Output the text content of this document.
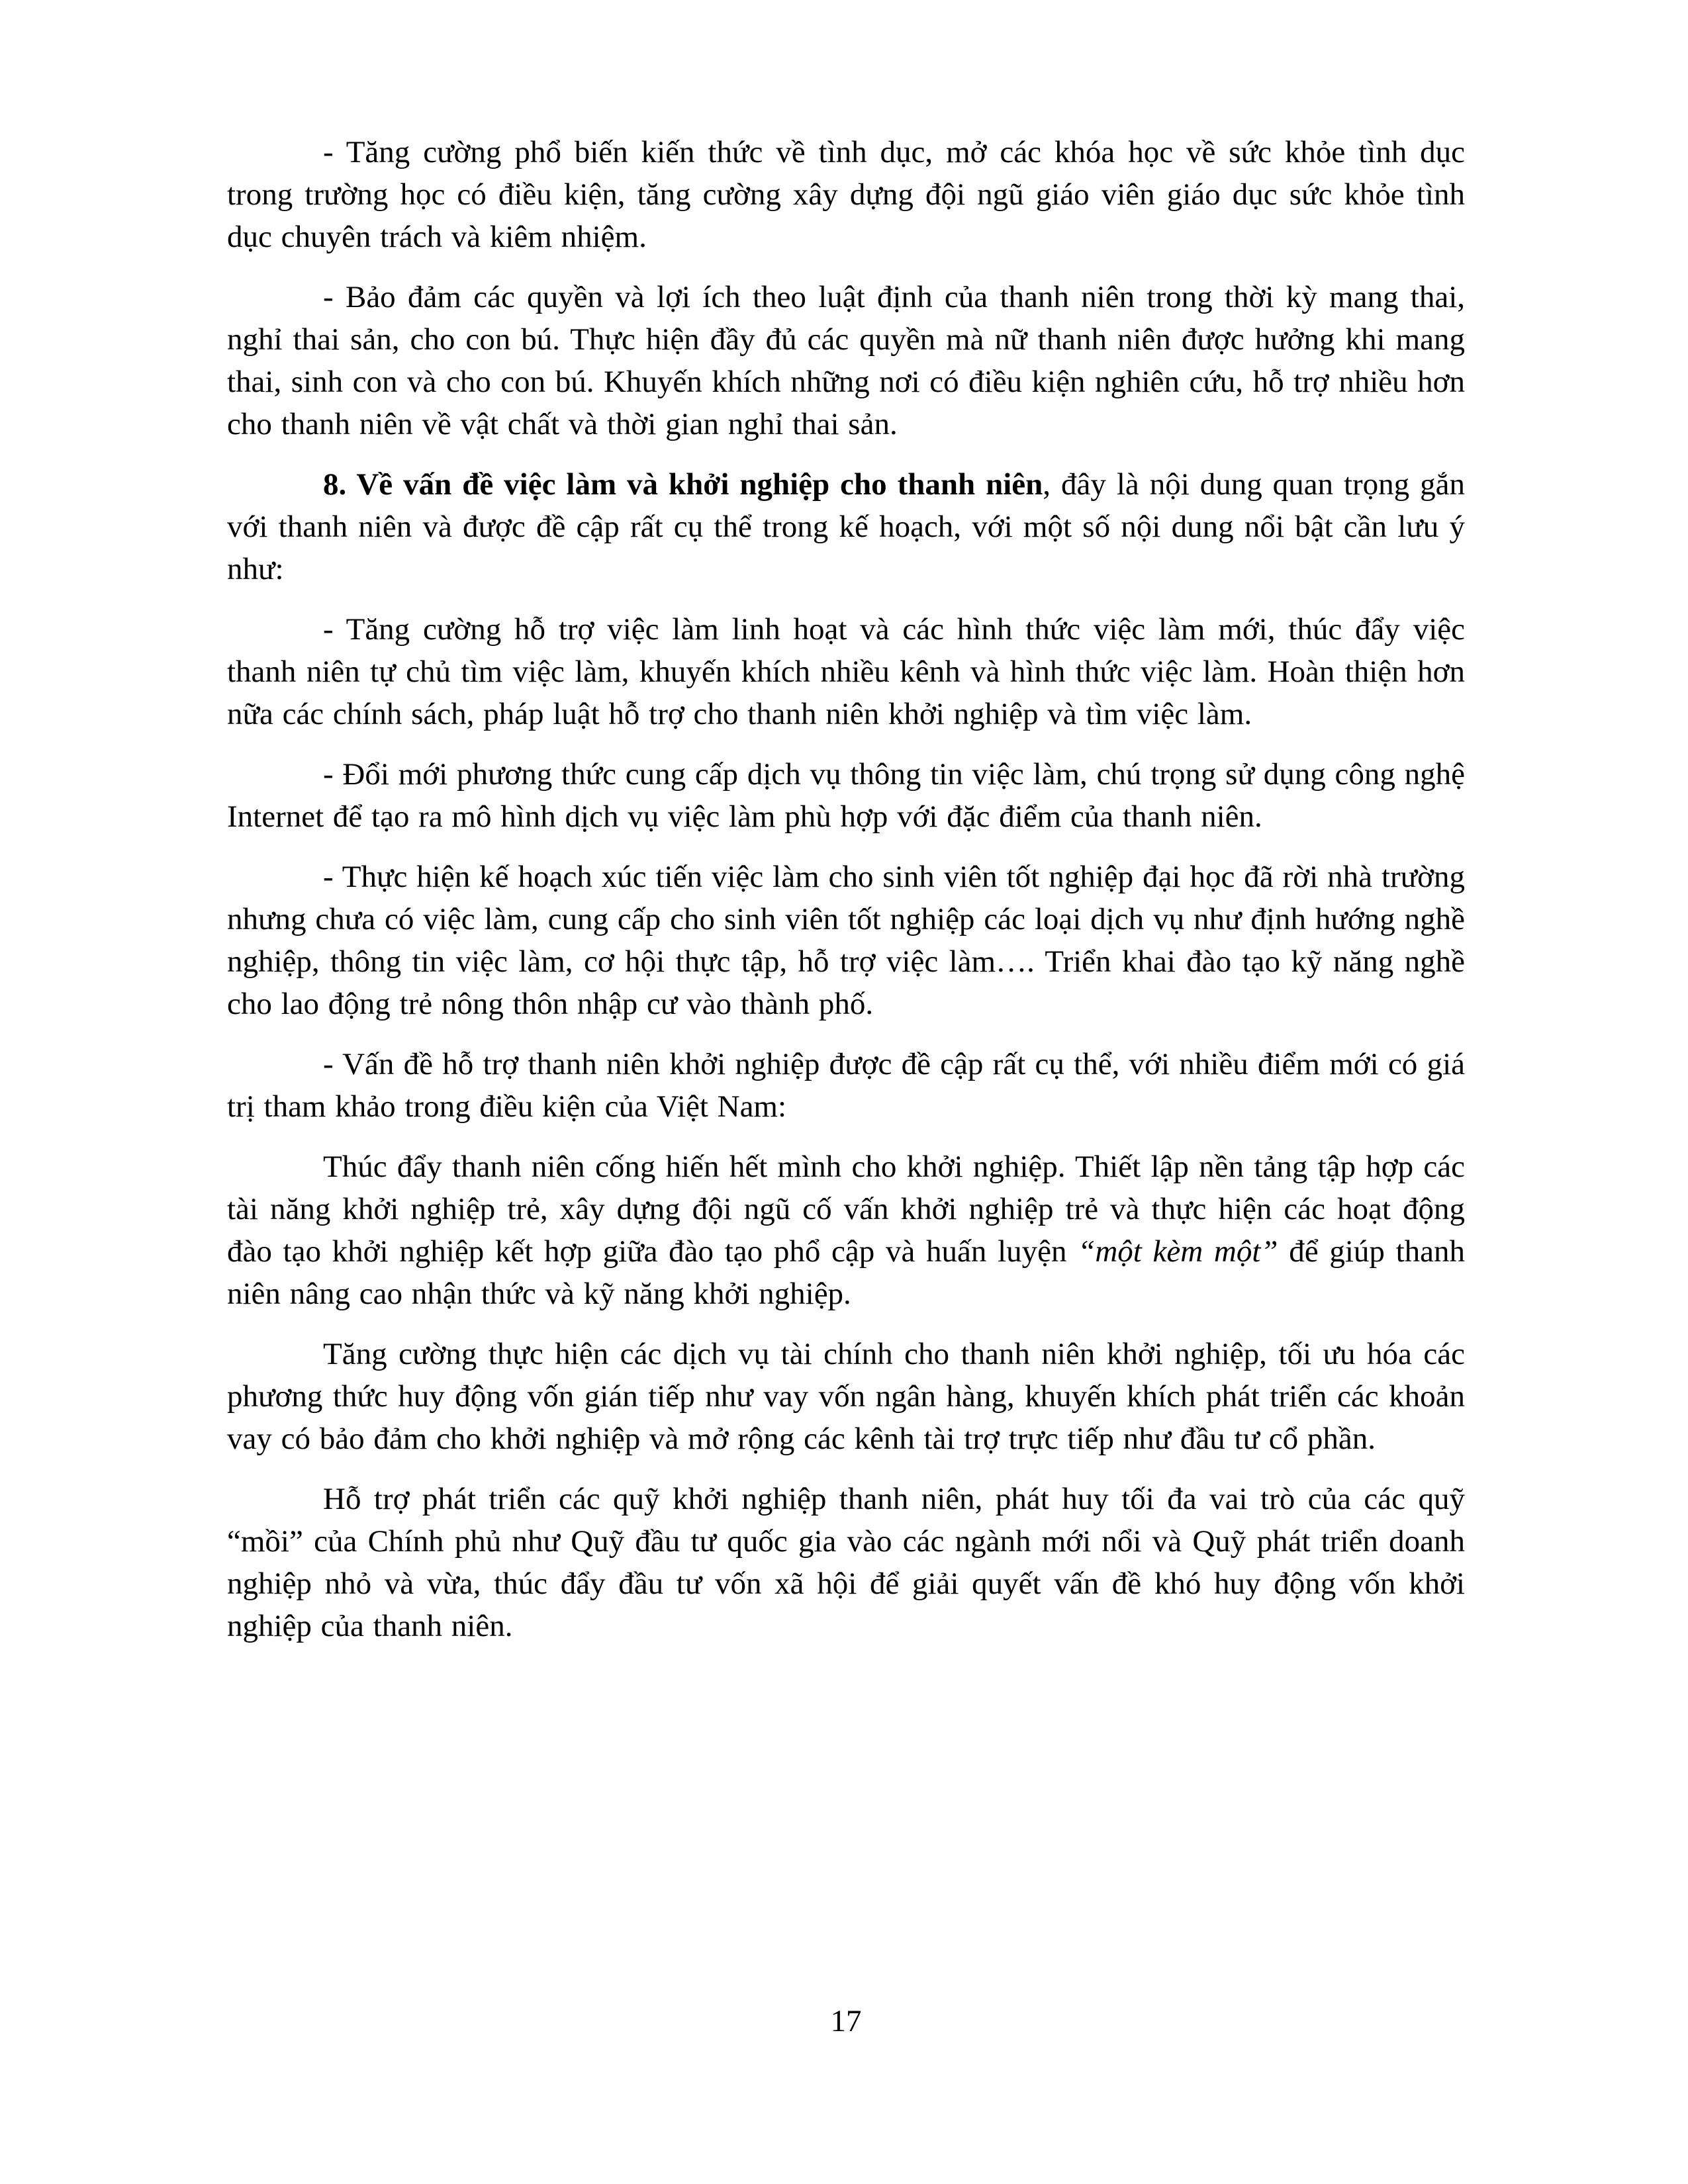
- Tăng cường phổ biến kiến thức về tình dục, mở các khóa học về sức khỏe tình dục trong trường học có điều kiện, tăng cường xây dựng đội ngũ giáo viên giáo dục sức khỏe tình dục chuyên trách và kiêm nhiệm.

- Bảo đảm các quyền và lợi ích theo luật định của thanh niên trong thời kỳ mang thai, nghỉ thai sản, cho con bú. Thực hiện đầy đủ các quyền mà nữ thanh niên được hưởng khi mang thai, sinh con và cho con bú. Khuyến khích những nơi có điều kiện nghiên cứu, hỗ trợ nhiều hơn cho thanh niên về vật chất và thời gian nghỉ thai sản.

8. Về vấn đề việc làm và khởi nghiệp cho thanh niên, đây là nội dung quan trọng gắn với thanh niên và được đề cập rất cụ thể trong kế hoạch, với một số nội dung nổi bật cần lưu ý như:

- Tăng cường hỗ trợ việc làm linh hoạt và các hình thức việc làm mới, thúc đẩy việc thanh niên tự chủ tìm việc làm, khuyến khích nhiều kênh và hình thức việc làm. Hoàn thiện hơn nữa các chính sách, pháp luật hỗ trợ cho thanh niên khởi nghiệp và tìm việc làm.

- Đổi mới phương thức cung cấp dịch vụ thông tin việc làm, chú trọng sử dụng công nghệ Internet để tạo ra mô hình dịch vụ việc làm phù hợp với đặc điểm của thanh niên.

- Thực hiện kế hoạch xúc tiến việc làm cho sinh viên tốt nghiệp đại học đã rời nhà trường nhưng chưa có việc làm, cung cấp cho sinh viên tốt nghiệp các loại dịch vụ như định hướng nghề nghiệp, thông tin việc làm, cơ hội thực tập, hỗ trợ việc làm…. Triển khai đào tạo kỹ năng nghề cho lao động trẻ nông thôn nhập cư vào thành phố.

- Vấn đề hỗ trợ thanh niên khởi nghiệp được đề cập rất cụ thể, với nhiều điểm mới có giá trị tham khảo trong điều kiện của Việt Nam:

Thúc đẩy thanh niên cống hiến hết mình cho khởi nghiệp. Thiết lập nền tảng tập hợp các tài năng khởi nghiệp trẻ, xây dựng đội ngũ cố vấn khởi nghiệp trẻ và thực hiện các hoạt động đào tạo khởi nghiệp kết hợp giữa đào tạo phổ cập và huấn luyện “một kèm một” để giúp thanh niên nâng cao nhận thức và kỹ năng khởi nghiệp.

Tăng cường thực hiện các dịch vụ tài chính cho thanh niên khởi nghiệp, tối ưu hóa các phương thức huy động vốn gián tiếp như vay vốn ngân hàng, khuyến khích phát triển các khoản vay có bảo đảm cho khởi nghiệp và mở rộng các kênh tài trợ trực tiếp như đầu tư cổ phần.

Hỗ trợ phát triển các quỹ khởi nghiệp thanh niên, phát huy tối đa vai trò của các quỹ “mồi” của Chính phủ như Quỹ đầu tư quốc gia vào các ngành mới nổi và Quỹ phát triển doanh nghiệp nhỏ và vừa, thúc đẩy đầu tư vốn xã hội để giải quyết vấn đề khó huy động vốn khởi nghiệp của thanh niên.

17
